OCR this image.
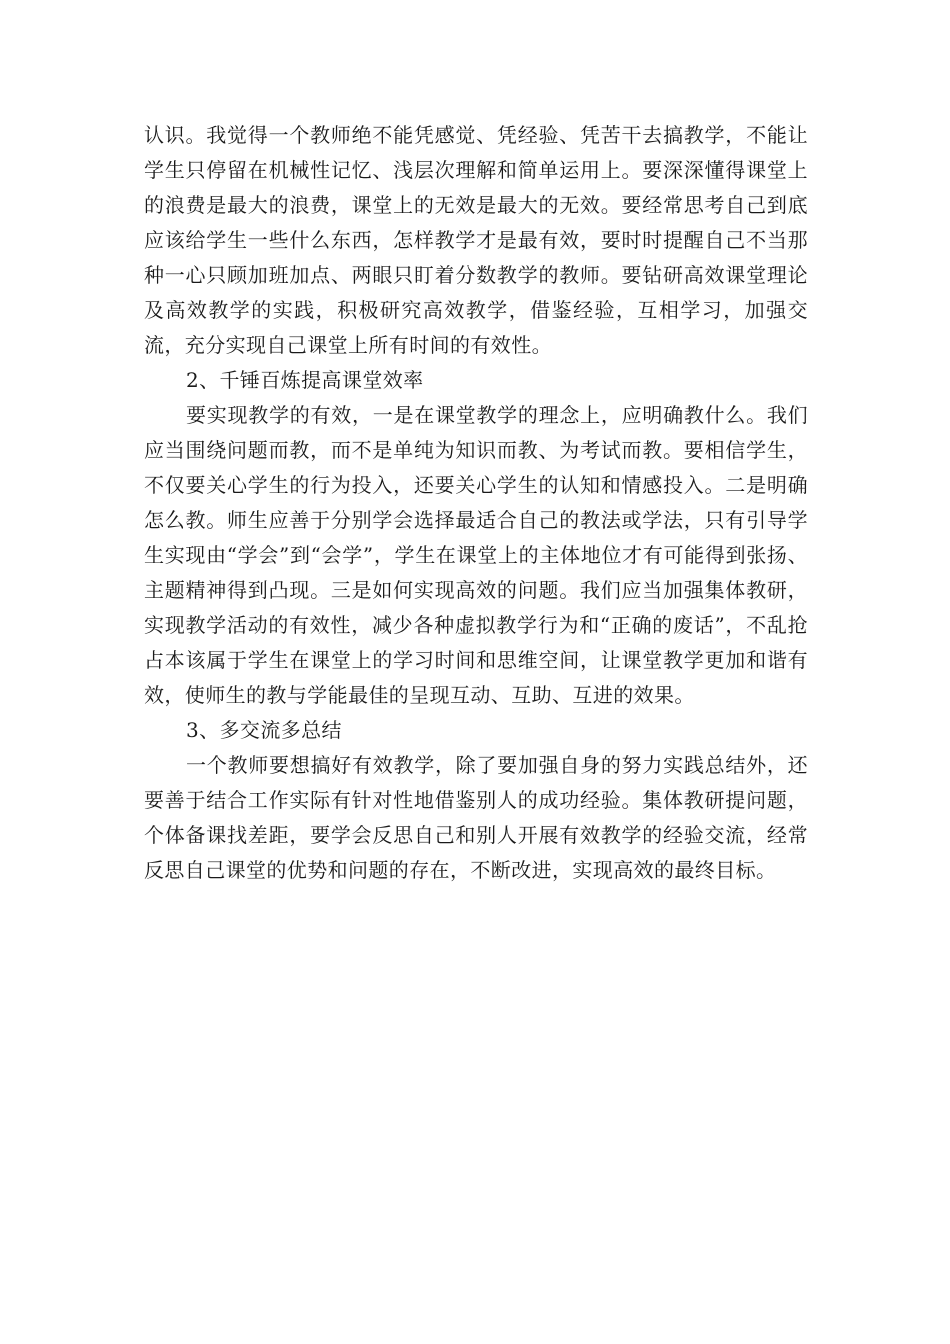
认识。我觉得一个教师绝不能凭感觉、凭经验、凭苦干去搞教学，不能让学生只停留在机械性记忆、浅层次理解和简单运用上。要深深懂得课堂上的浪费是最大的浪费，课堂上的无效是最大的无效。要经常思考自己到底应该给学生一些什么东西，怎样教学才是最有效，要时时提醒自己不当那种一心只顾加班加点、两眼只盯着分数教学的教师。要钻研高效课堂理论及高效教学的实践，积极研究高效教学，借鉴经验，互相学习，加强交流，充分实现自己课堂上所有时间的有效性。

2、千锤百炼提高课堂效率

要实现教学的有效，一是在课堂教学的理念上，应明确教什么。我们应当围绕问题而教，而不是单纯为知识而教、为考试而教。要相信学生，不仅要关心学生的行为投入，还要关心学生的认知和情感投入。二是明确怎么教。师生应善于分别学会选择最适合自己的教法或学法，只有引导学生实现由“学会”到“会学”，学生在课堂上的主体地位才有可能得到张扬、主题精神得到凸现。三是如何实现高效的问题。我们应当加强集体教研，实现教学活动的有效性，减少各种虚拟教学行为和“正确的废话”，不乱抢占本该属于学生在课堂上的学习时间和思维空间，让课堂教学更加和谐有效，使师生的教与学能最佳的呈现互动、互助、互进的效果。

3、多交流多总结

一个教师要想搞好有效教学，除了要加强自身的努力实践总结外，还要善于结合工作实际有针对性地借鉴别人的成功经验。集体教研提问题，个体备课找差距，要学会反思自己和别人开展有效教学的经验交流，经常反思自己课堂的优势和问题的存在，不断改进，实现高效的最终目标。
